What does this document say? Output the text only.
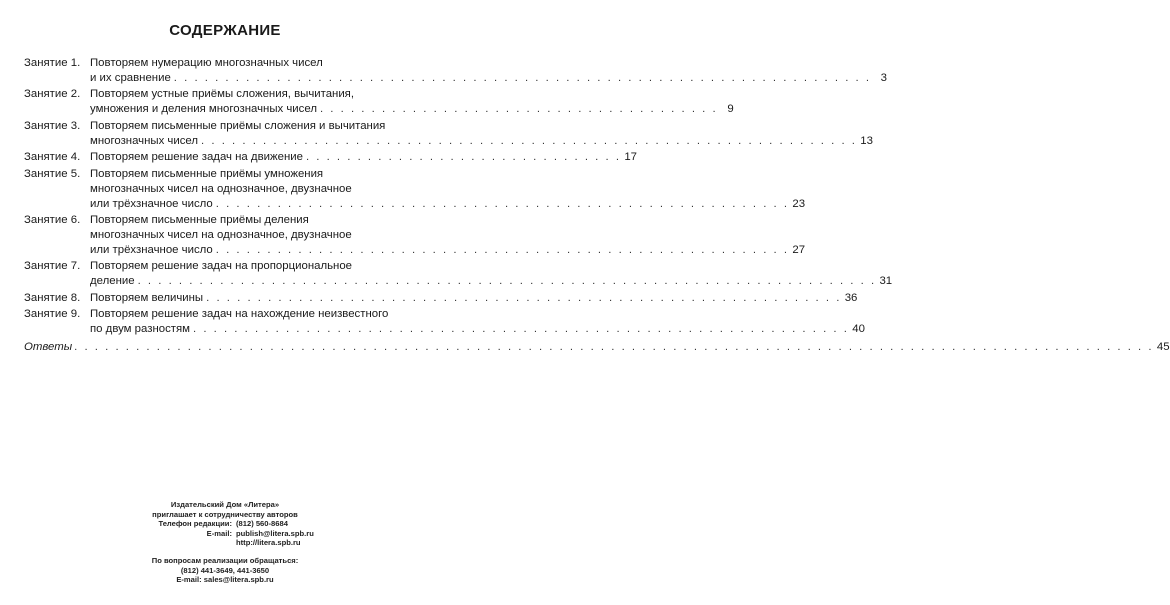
СОДЕРЖАНИЕ
Занятие 1. Повторяем нумерацию многозначных чисел
и их сравнение . . . . . . . . . . . . . . . . . . . . . . . . . . . . . . . . . . . . . . . . . . . . . . . . . . . . . . . . . . . . . . . . . . . . 3
Занятие 2. Повторяем устные приёмы сложения, вычитания,
умножения и деления многозначных чисел . . . . . . . . . . . . . . . . . . . . . . . . . . . . . . . . . . . . . . . 9
Занятие 3. Повторяем письменные приёмы сложения и вычитания
многозначных чисел . . . . . . . . . . . . . . . . . . . . . . . . . . . . . . . . . . . . . . . . . . . . . . . . . . . . . . . . . . . . . . . . 13
Занятие 4. Повторяем решение задач на движение . . . . . . . . . . . . . . . . . . . . . . . . . . . . . . . 17
Занятие 5. Повторяем письменные приёмы умножения
многозначных чисел на однозначное, двузначное
или трёхзначное число . . . . . . . . . . . . . . . . . . . . . . . . . . . . . . . . . . . . . . . . . . . . . . . . . . . . . . . . 23
Занятие 6. Повторяем письменные приёмы деления
многозначных чисел на однозначное, двузначное
или трёхзначное число . . . . . . . . . . . . . . . . . . . . . . . . . . . . . . . . . . . . . . . . . . . . . . . . . . . . . . . . 27
Занятие 7. Повторяем решение задач на пропорциональное
деление . . . . . . . . . . . . . . . . . . . . . . . . . . . . . . . . . . . . . . . . . . . . . . . . . . . . . . . . . . . . . . . . . . . . . . . . 31
Занятие 8. Повторяем величины . . . . . . . . . . . . . . . . . . . . . . . . . . . . . . . . . . . . . . . . . . . . . . . . . . . . . . . . . . . . . . 36
Занятие 9. Повторяем решение задач на нахождение неизвестного
по двум разностям . . . . . . . . . . . . . . . . . . . . . . . . . . . . . . . . . . . . . . . . . . . . . . . . . . . . . . . . . . . . . . . . 40
Ответы . . . . . . . . . . . . . . . . . . . . . . . . . . . . . . . . . . . . . . . . . . . . . . . . . . . . . . . . . . . . . . . . . . . . . . . . . . . . . . . . . . . . . . . . . . . . . . . . . . . . . . . . . 45
Издательский Дом «Литера»
приглашает к сотрудничеству авторов
Телефон редакции: (812) 560-8684
E-mail: publish@litera.spb.ru
http://litera.spb.ru
По вопросам реализации обращаться:
(812) 441-3649, 441-3650
E-mail: sales@litera.spb.ru
